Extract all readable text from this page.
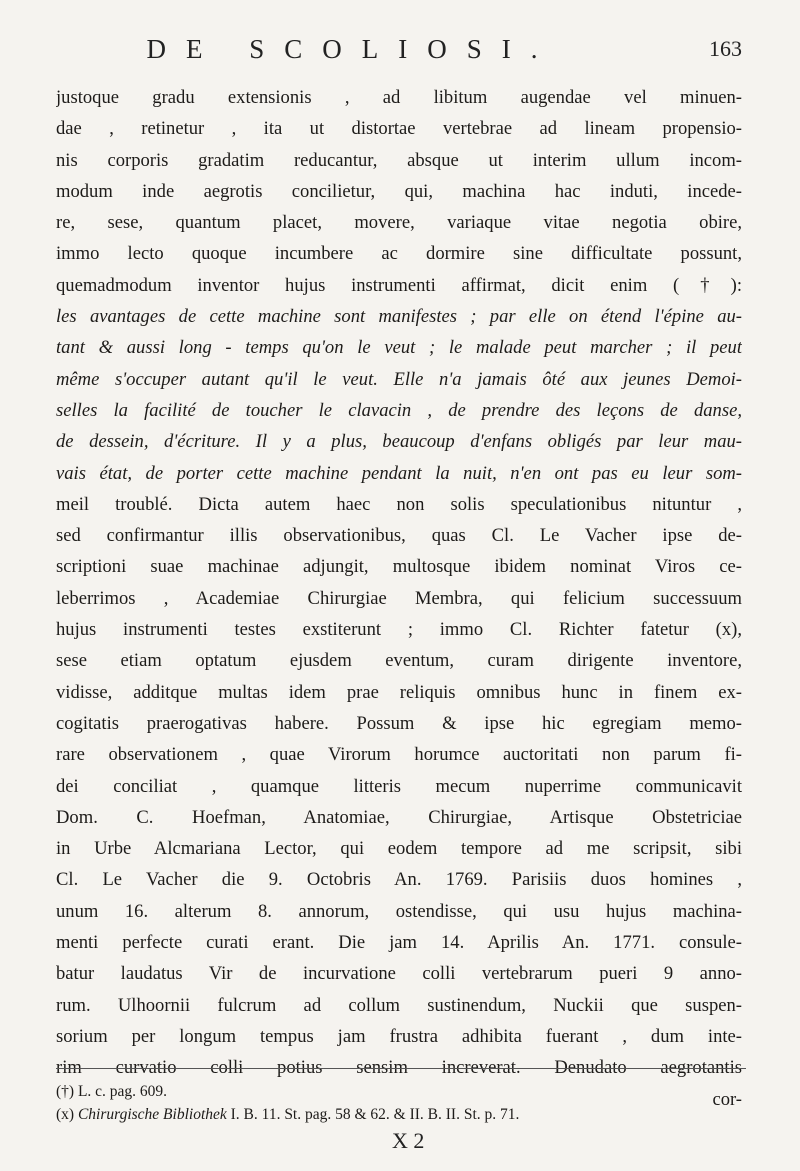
DE SCOLIOSI.	163
justoque gradu extensionis , ad libitum augendae vel minuen-
dae , retinetur , ita ut distortae vertebrae ad lineam propensio-
nis corporis gradatim reducantur, absque ut interim ullum incom-
modum inde aegrotis concilietur, qui, machina hac induti, incede-
re, sese, quantum placet, movere, variaque vitae negotia obire,
immo lecto quoque incumbere ac dormire sine difficultate possunt,
quemadmodum inventor hujus instrumenti affirmat, dicit enim (†):
les avantages de cette machine sont manifestes ; par elle on étend l'épine au-
tant & aussi long - temps qu'on le veut ; le malade peut marcher ; il peut
même s'occuper autant qu'il le veut. Elle n'a jamais ôté aux jeunes Demoi-
selles la facilité de toucher le clavacin , de prendre des leçons de danse,
de dessein, d'écriture. Il y a plus, beaucoup d'enfans obligés par leur mau-
vais état, de porter cette machine pendant la nuit, n'en ont pas eu leur som-
meil troublé. Dicta autem haec non solis speculationibus nituntur ,
sed confirmantur illis observationibus, quas Cl. Le Vacher ipse de-
scriptioni suae machinae adjungit, multosque ibidem nominat Viros ce-
leberrimos , Academiae Chirurgiae Membra, qui felicium successuum
hujus instrumenti testes exstiterunt ; immo Cl. Richter fatetur (x),
sese etiam optatum ejusdem eventum, curam dirigente inventore,
vidisse, additque multas idem prae reliquis omnibus hunc in finem ex-
cogitatis praerogativas habere. Possum & ipse hic egregiam memo-
rare observationem , quae Virorum horumce auctoritati non parum fi-
dei conciliat , quamque litteris mecum nuperrime communicavit
Dom. C. Hoefman, Anatomiae, Chirurgiae, Artisque Obstetriciae
in Urbe Alcmariana Lector, qui eodem tempore ad me scripsit, sibi
Cl. Le Vacher die 9. Octobris An. 1769. Parisiis duos homines ,
unum 16. alterum 8. annorum, ostendisse, qui usu hujus machina-
menti perfecte curati erant. Die jam 14. Aprilis An. 1771. consule-
batur laudatus Vir de incurvatione colli vertebrarum pueri 9 anno-
rum. Ulhoornii fulcrum ad collum sustinendum, Nuckii que suspen-
sorium per longum tempus jam frustra adhibita fuerant , dum inte-
rim curvatio colli potius sensim increverat. Denudato aegrotantis
cor-
(†) L. c. pag. 609.
(x) Chirurgische Bibliothek I. B. 11. St. pag. 58 & 62. & II. B. II. St. p. 71.
X 2
